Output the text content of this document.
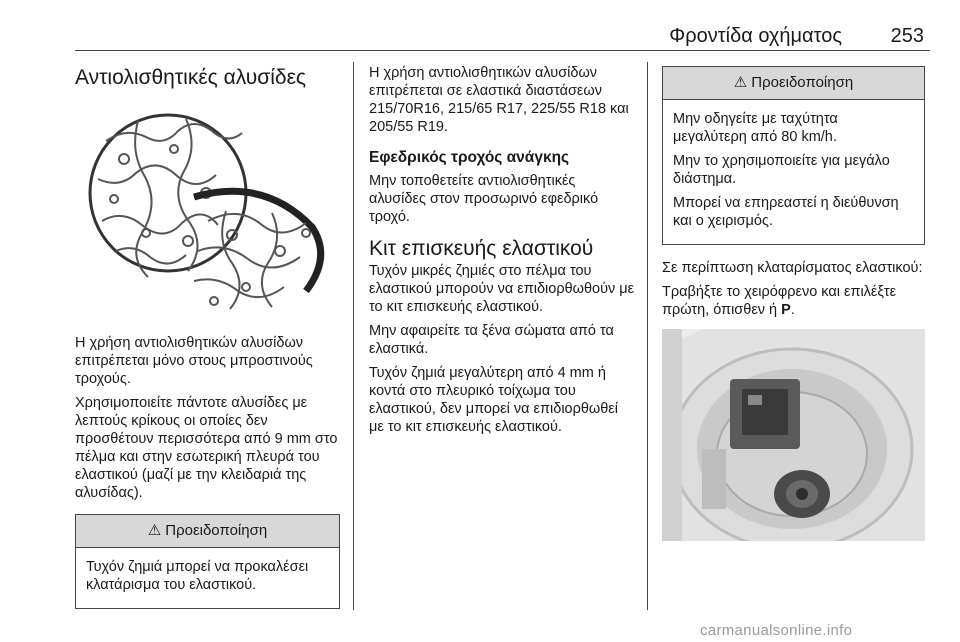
Φροντίδα οχήματος 253
Αντιολισθητικές αλυσίδες

Η χρήση αντιολισθητικών αλυσίδων επιτρέπεται μόνο στους μπροστινούς τροχούς.

Χρησιμοποιείτε πάντοτε αλυσίδες με λεπτούς κρίκους οι οποίες δεν προσθέτουν περισσότερα από 9 mm στο πέλμα και στην εσωτερική πλευρά του ελαστικού (μαζί με την κλειδαριά της αλυσίδας).

⚠ Προειδοποίηση

Τυχόν ζημιά μπορεί να προκαλέσει κλατάρισμα του ελαστικού.

Η χρήση αντιολισθητικών αλυσίδων επιτρέπεται σε ελαστικά διαστάσεων 215/70R16, 215/65 R17, 225/55 R18 και 205/55 R19.

Εφεδρικός τροχός ανάγκης

Μην τοποθετείτε αντιολισθητικές αλυσίδες στον προσωρινό εφεδρικό τροχό.

Κιτ επισκευής ελαστικού

Τυχόν μικρές ζημιές στο πέλμα του ελαστικού μπορούν να επιδιορθωθούν με το κιτ επισκευής ελαστικού.

Μην αφαιρείτε τα ξένα σώματα από τα ελαστικά.

Τυχόν ζημιά μεγαλύτερη από 4 mm ή κοντά στο πλευρικό τοίχωμα του ελαστικού, δεν μπορεί να επιδιορθωθεί με το κιτ επισκευής ελαστικού.

⚠ Προειδοποίηση

Μην οδηγείτε με ταχύτητα μεγαλύτερη από 80 km/h.

Μην το χρησιμοποιείτε για μεγάλο διάστημα.

Μπορεί να επηρεαστεί η διεύθυνση και ο χειρισμός.

Σε περίπτωση κλαταρίσματος ελαστικού:

Τραβήξτε το χειρόφρενο και επιλέξτε πρώτη, όπισθεν ή P.

carmanualsonline.info
